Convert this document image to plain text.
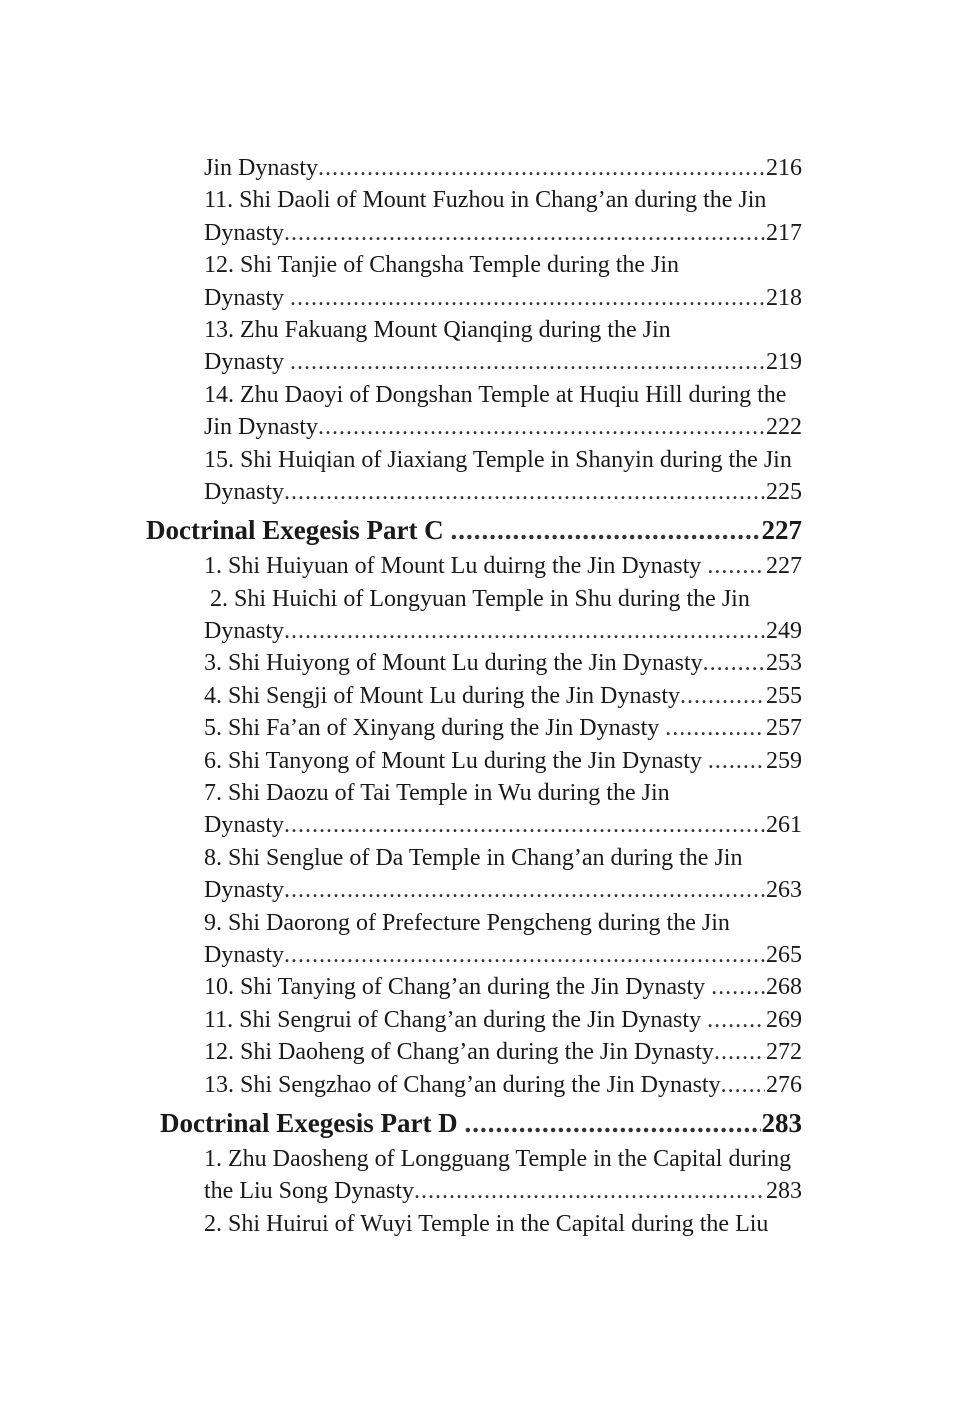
Jin Dynasty .....	216
11. Shi Daoli of Mount Fuzhou in Chang’an during the Jin
Dynasty .....	217
12. Shi Tanjie of Changsha Temple during the Jin
Dynasty .....	218
13. Zhu Fakuang Mount Qianqing during the Jin
Dynasty .....	219
14. Zhu Daoyi of Dongshan Temple at Huqiu Hill during the
Jin Dynasty .....	222
15. Shi Huiqian of Jiaxiang Temple in Shanyin during the Jin
Dynasty .....	225
Doctrinal Exegesis Part C .....	227
1. Shi Huiyuan of Mount Lu duirng the Jin Dynasty ..... 227
2. Shi Huichi of Longyuan Temple in Shu during the Jin
Dynasty .....	249
3. Shi Huiyong of Mount Lu during the Jin Dynasty .....	253
4. Shi Sengji of Mount Lu during the Jin Dynasty .....	255
5. Shi Fa’an of Xinyang during the Jin Dynasty .....	257
6. Shi Tanyong of Mount Lu during the Jin Dynasty ..... 259
7. Shi Daozu of Tai Temple in Wu during the Jin
Dynasty .....	261
8. Shi Senglue of Da Temple in Chang’an during the Jin
Dynasty .....	263
9. Shi Daorong of Prefecture Pengcheng during the Jin
Dynasty .....	265
10. Shi Tanying of Chang’an during the Jin Dynasty ..... 268
11. Shi Sengrui of Chang’an during the Jin Dynasty ..... 269
12. Shi Daoheng of Chang’an during the Jin Dynasty ..... 272
13. Shi Sengzhao of Chang’an during the Jin Dynasty ..... 276
Doctrinal Exegesis Part D .....	283
1. Zhu Daosheng of Longguang Temple in the Capital during
the Liu Song Dynasty .....	283
2. Shi Huirui of Wuyi Temple in the Capital during the Liu
